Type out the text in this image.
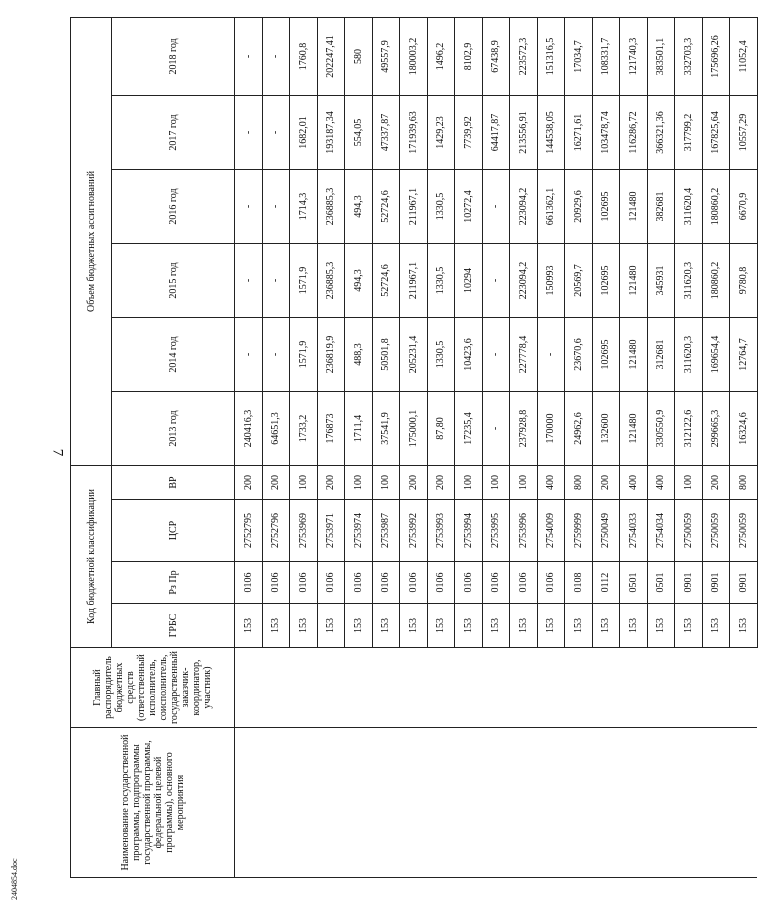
7
Наименование государственной программы, подпрограммы государственной программы, федеральной целевой программы), основного мероприятия	Главный распорядитель бюджетных средств (ответственный исполнитель, соисполнитель, государственный заказчик-координатор, участник)	Код бюджетной классификации				Объем бюджетных ассигнований					
		ГРБС	Рз Пр	ЦСР	ВР	2013 год	2014 год	2015 год	2016 год	2017 год	2018 год
		153	0106	2752795	200	240416,3	-	-	-	-	-
		153	0106	2752796	200	64651,3	-	-	-	-	-
		153	0106	2753969	100	1733,2	1571,9	1571,9	1714,3	1682,01	1760,8
		153	0106	2753971	200	176873	236819,9	236885,3	236885,3	193187,34	202247,41
		153	0106	2753974	100	1711,4	488,3	494,3	494,3	554,05	580
		153	0106	2753987	100	37541,9	50501,8	52724,6	52724,6	47337,87	49557,9
		153	0106	2753992	200	175000,1	205231,4	211967,1	211967,1	171939,63	180003,2
		153	0106	2753993	200	87,80	1330,5	1330,5	1330,5	1429,23	1496,2
		153	0106	2753994	100	17235,4	10423,6	10294	10272,4	7739,92	8102,9
		153	0106	2753995	100	-	-	-	-	64417,87	67438,9
		153	0106	2753996	100	237928,8	227778,4	223094,2	223094,2	213556,91	223572,3
		153	0106	2754009	400	170000	-	150993	661362,1	144538,05	151316,5
		153	0108	2759999	800	24962,6	23670,6	20569,7	20929,6	16271,61	17034,7
		153	0112	2750049	200	132600	102695	102695	102695	103478,74	108331,7
		153	0501	2754033	400	121480	121480	121480	121480	116286,72	121740,3
		153	0501	2754034	400	330550,9	312681	345931	382681	366321,36	383501,1
		153	0901	2750059	100	312122,6	311620,3	311620,3	311620,4	317799,2	332703,3
		153	0901	2750059	200	299665,3	169654,4	180860,2	180860,2	167825,64	175696,26
		153	0901	2750059	800	16324,6	12764,7	9780,8	6670,9	10557,29	11052,4
2404854.doc
